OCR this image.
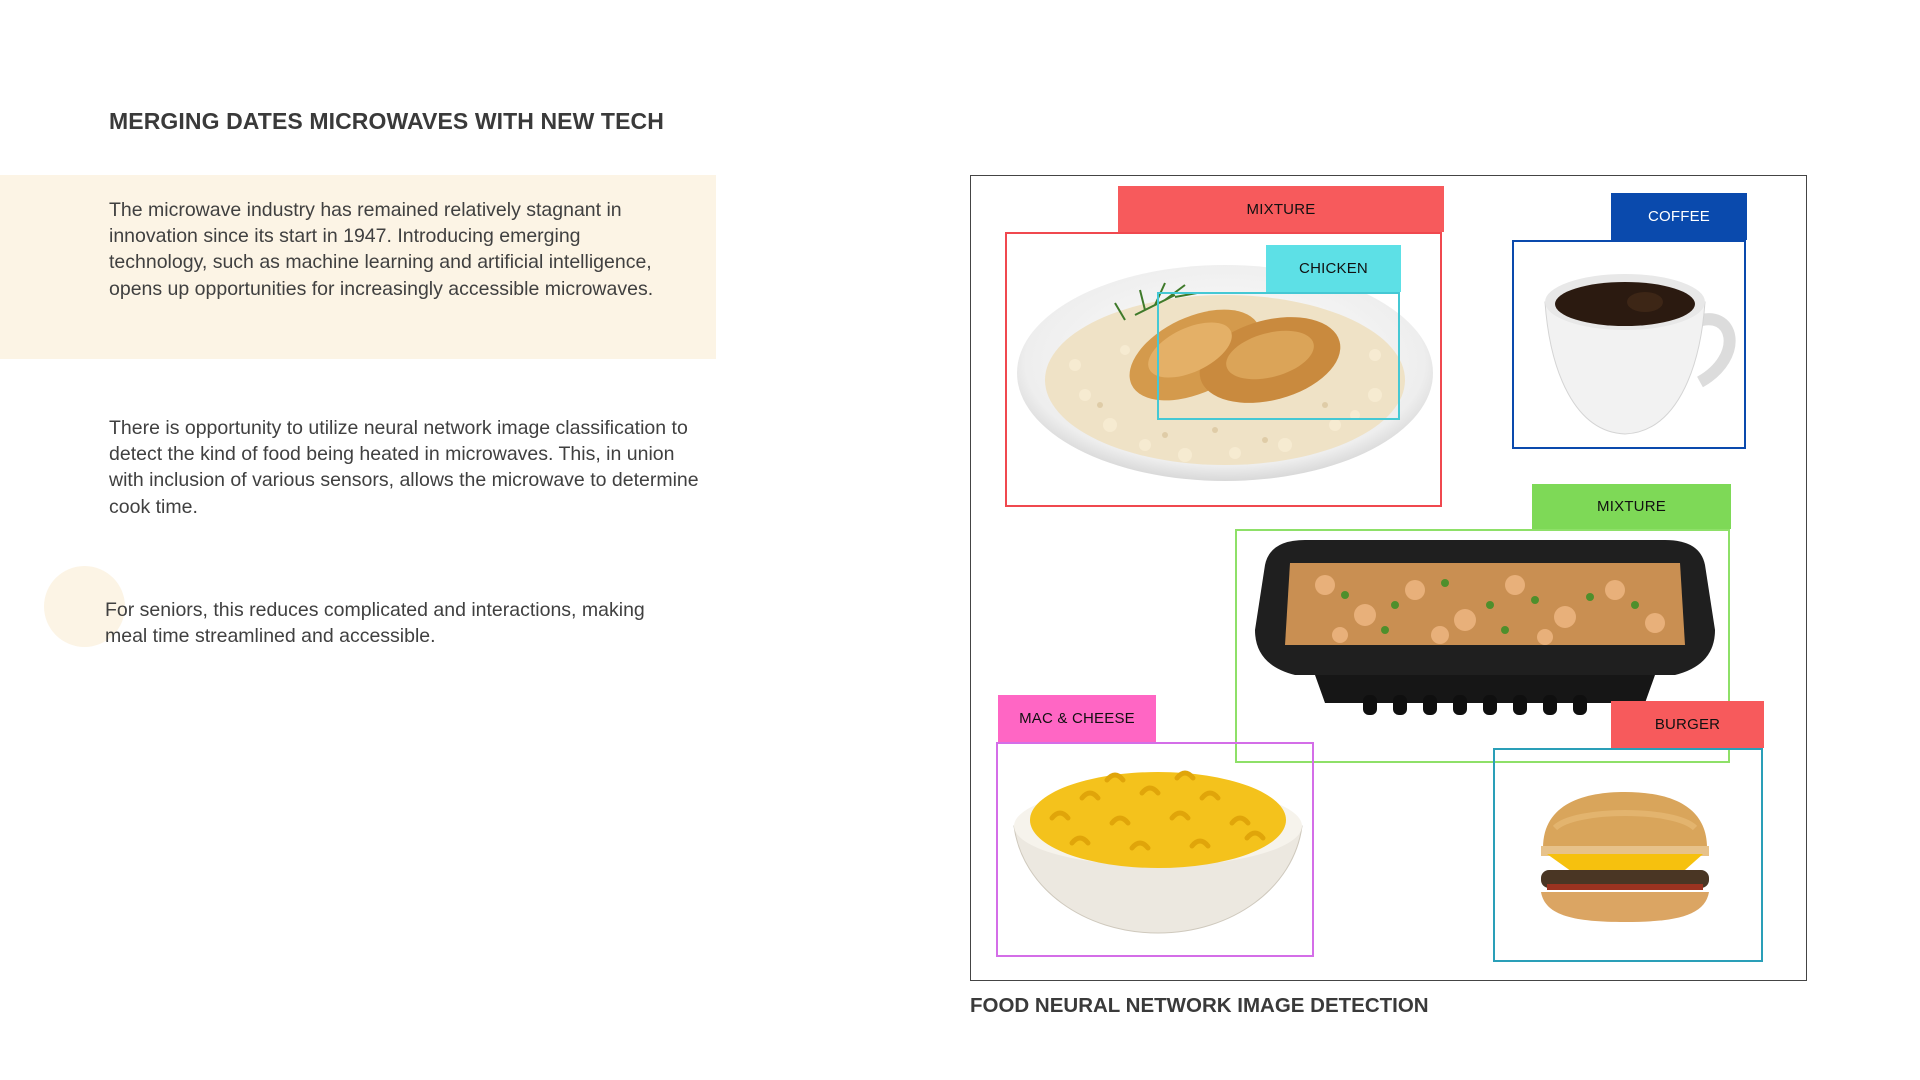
MERGING DATES MICROWAVES WITH NEW TECH
The microwave industry has remained relatively stagnant in innovation since its start in 1947. Introducing emerging technology, such as machine learning and artificial intelligence, opens up opportunities for increasingly accessible microwaves.
There is opportunity to utilize neural network image classification to detect the kind of food being heated in microwaves. This, in union with inclusion of various sensors, allows the microwave to determine cook time.
For seniors, this reduces complicated and interactions, making meal time streamlined and accessible.
MIXTURE
CHICKEN
COFFEE
MIXTURE
MAC & CHEESE	BURGER
FOOD NEURAL NETWORK IMAGE DETECTION
